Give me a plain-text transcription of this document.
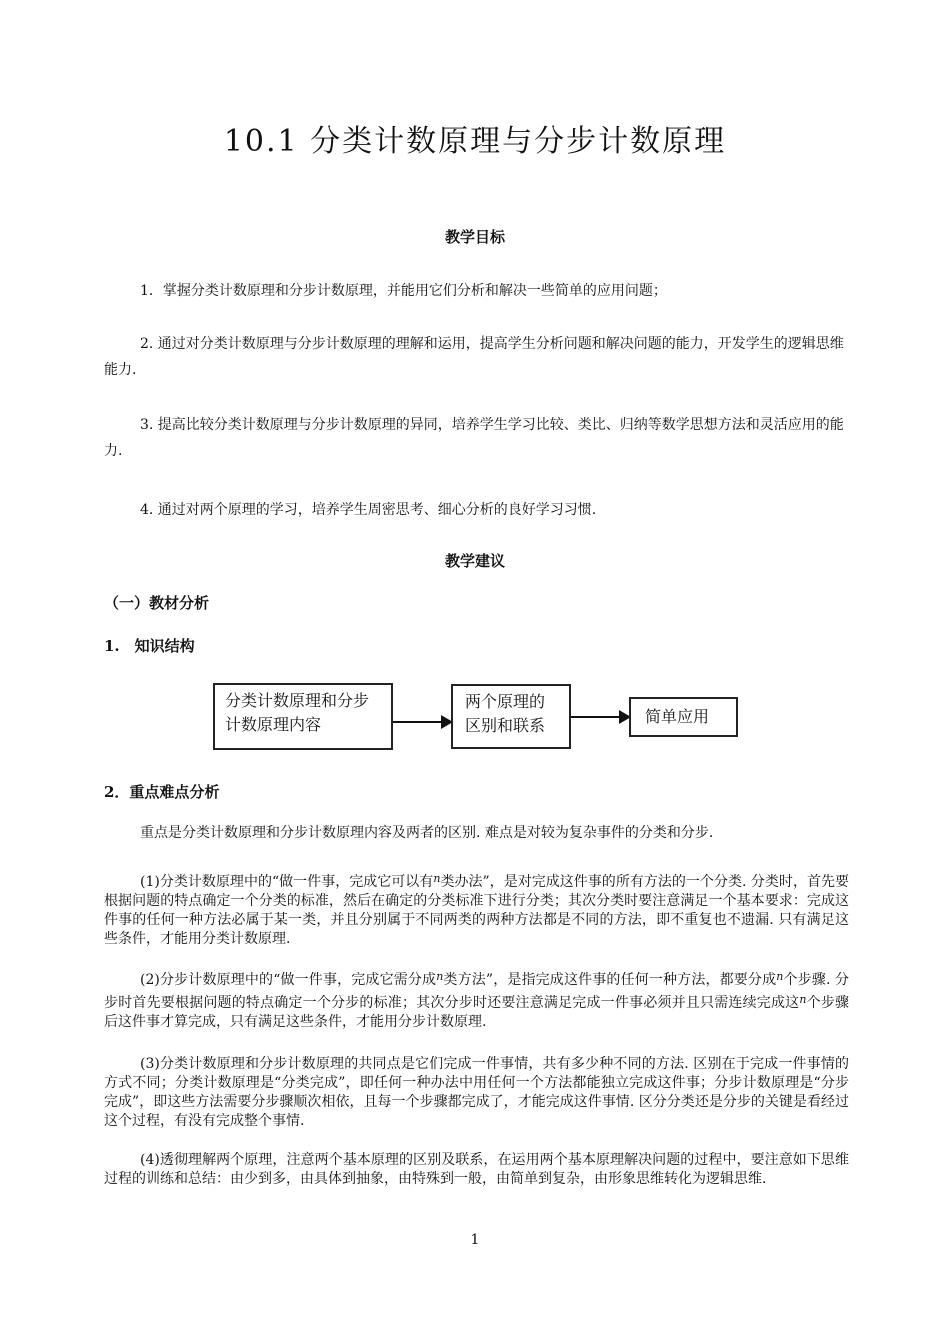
10.1 分类计数原理与分步计数原理
教学目标
1．掌握分类计数原理和分步计数原理，并能用它们分析和解决一些简单的应用问题；
2. 通过对分类计数原理与分步计数原理的理解和运用，提高学生分析问题和解决问题的能力，开发学生的逻辑思维能力.
3. 提高比较分类计数原理与分步计数原理的异同，培养学生学习比较、类比、归纳等数学思想方法和灵活应用的能力.
4. 通过对两个原理的学习，培养学生周密思考、细心分析的良好学习习惯.
教学建议
（一）教材分析
1.　知识结构
分类计数原理和分步计数原理内容
两个原理的区别和联系	简单应用
2．重点难点分析
重点是分类计数原理和分步计数原理内容及两者的区别. 难点是对较为复杂事件的分类和分步.
(1)分类计数原理中的“做一件事，完成它可以有$^n$类办法”，是对完成这件事的所有方法的一个分类. 分类时，首先要根据问题的特点确定一个分类的标准，然后在确定的分类标准下进行分类；其次分类时要注意满足一个基本要求：完成这件事的任何一种方法必属于某一类，并且分别属于不同两类的两种方法都是不同的方法，即不重复也不遗漏. 只有满足这些条件，才能用分类计数原理.
(2)分步计数原理中的“做一件事，完成它需分成$^n$类方法”，是指完成这件事的任何一种方法，都要分成$^n$个步骤. 分步时首先要根据问题的特点确定一个分步的标准；其次分步时还要注意满足完成一件事必须并且只需连续完成这$^n$个步骤后这件事才算完成，只有满足这些条件，才能用分步计数原理.
(3)分类计数原理和分步计数原理的共同点是它们完成一件事情，共有多少种不同的方法. 区别在于完成一件事情的方式不同；分类计数原理是“分类完成”，即任何一种办法中用任何一个方法都能独立完成这件事；分步计数原理是“分步完成”，即这些方法需要分步骤顺次相依，且每一个步骤都完成了，才能完成这件事情. 区分分类还是分步的关键是看经过这个过程，有没有完成整个事情.
(4)透彻理解两个原理，注意两个基本原理的区别及联系，在运用两个基本原理解决问题的过程中，要注意如下思维过程的训练和总结：由少到多，由具体到抽象，由特殊到一般，由简单到复杂，由形象思维转化为逻辑思维.
1
